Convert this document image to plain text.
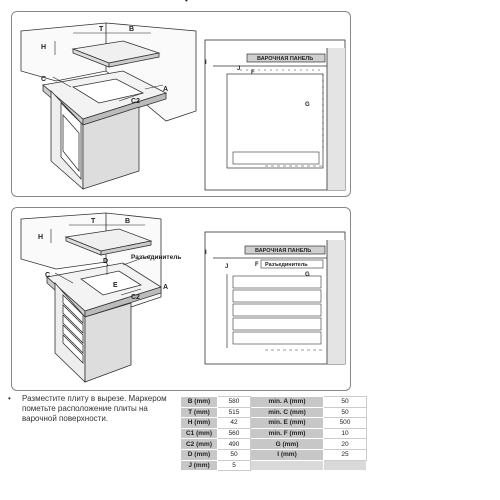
•
T	B
H
C
C2
A
ВАРОЧНАЯ ПАНЕЛЬ
I
J
F
G
T	B
H
C
C2
A
D
E
Разъединитель
ВАРОЧНАЯ ПАНЕЛЬ
Разъединитель
I
J	F
G
• Разместите плиту в вырезе. Маркером пометьте расположение плиты на варочной поверхности.
B (mm)	580	min. A (mm)	50
T (mm)	515	min. C (mm)	50
H (mm)	42	min. E (mm)	500
C1 (mm)	560	min. F (mm)	10
C2 (mm)	490	G (mm)	20
D (mm)	50	I (mm)	25
J (mm)	5		
